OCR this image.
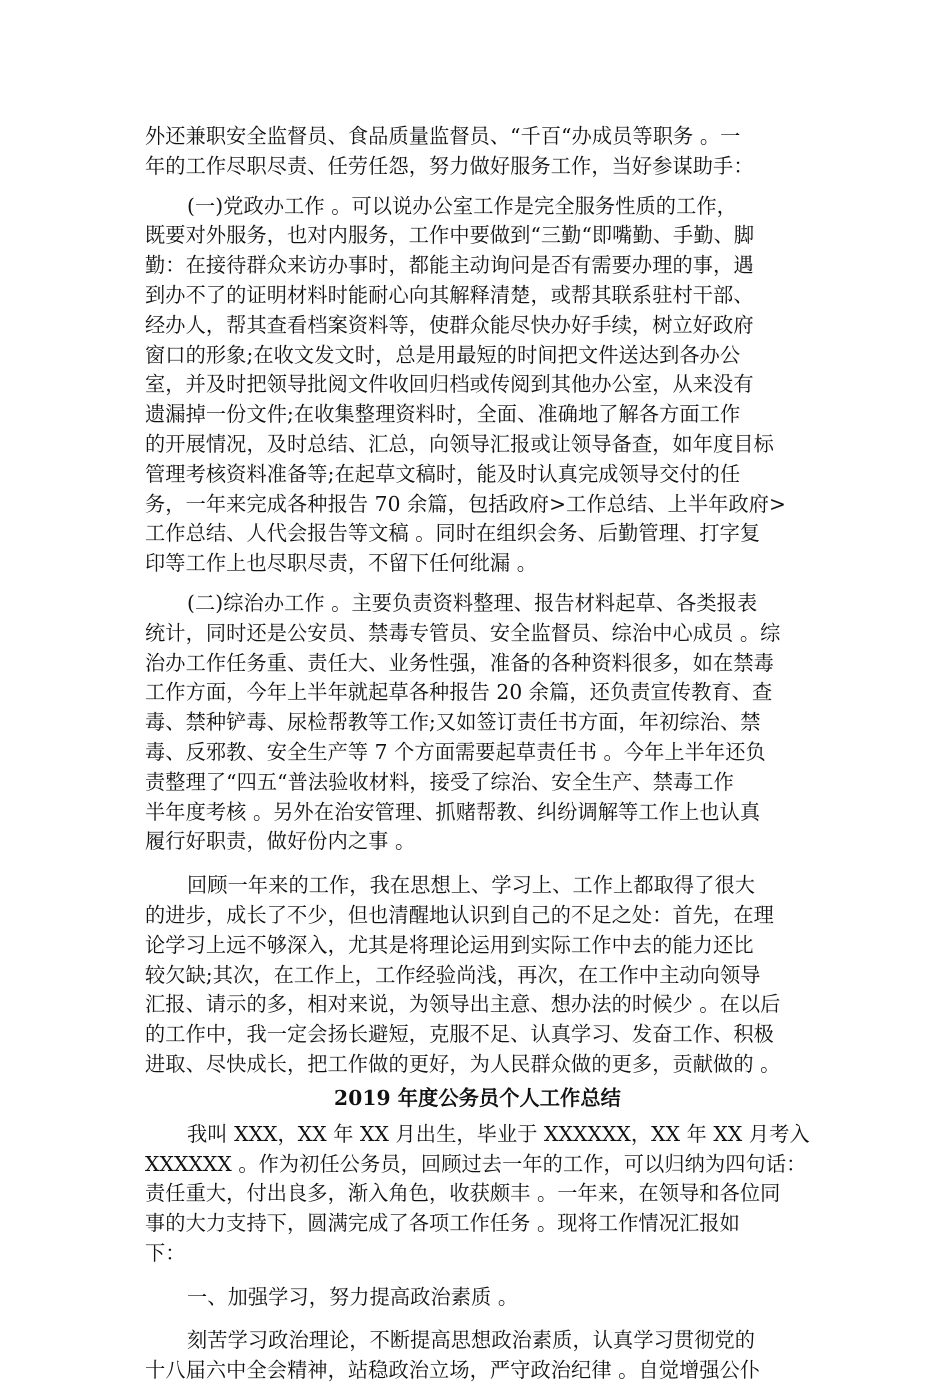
外还兼职安全监督员、食品质量监督员、“千百“办成员等职务 。一
年的工作尽职尽责、任劳任怨，努力做好服务工作，当好参谋助手：
(一)党政办工作 。可以说办公室工作是完全服务性质的工作，
既要对外服务，也对内服务，工作中要做到“三勤“即嘴勤、手勤、脚
勤：在接待群众来访办事时，都能主动询问是否有需要办理的事，遇
到办不了的证明材料时能耐心向其解释清楚，或帮其联系驻村干部、
经办人，帮其查看档案资料等，使群众能尽快办好手续，树立好政府
窗口的形象;在收文发文时，总是用最短的时间把文件送达到各办公
室，并及时把领导批阅文件收回归档或传阅到其他办公室，从来没有
遗漏掉一份文件;在收集整理资料时，全面、准确地了解各方面工作
的开展情况，及时总结、汇总，向领导汇报或让领导备查，如年度目标
管理考核资料准备等;在起草文稿时，能及时认真完成领导交付的任
务，一年来完成各种报告 70 余篇，包括政府>工作总结、上半年政府>
工作总结、人代会报告等文稿 。同时在组织会务、后勤管理、打字复
印等工作上也尽职尽责，不留下任何纰漏 。
(二)综治办工作 。主要负责资料整理、报告材料起草、各类报表
统计，同时还是公安员、禁毒专管员、安全监督员、综治中心成员 。综
治办工作任务重、责任大、业务性强，准备的各种资料很多，如在禁毒
工作方面，今年上半年就起草各种报告 20 余篇，还负责宣传教育、查
毒、禁种铲毒、尿检帮教等工作;又如签订责任书方面，年初综治、禁
毒、反邪教、安全生产等 7 个方面需要起草责任书 。今年上半年还负
责整理了“四五“普法验收材料，接受了综治、安全生产、禁毒工作
半年度考核 。另外在治安管理、抓赌帮教、纠纷调解等工作上也认真
履行好职责，做好份内之事 。
回顾一年来的工作，我在思想上、学习上、工作上都取得了很大
的进步，成长了不少，但也清醒地认识到自己的不足之处：首先，在理
论学习上远不够深入，尤其是将理论运用到实际工作中去的能力还比
较欠缺;其次，在工作上，工作经验尚浅，再次，在工作中主动向领导
汇报、请示的多，相对来说，为领导出主意、想办法的时候少 。在以后
的工作中，我一定会扬长避短，克服不足、认真学习、发奋工作、积极
进取、尽快成长，把工作做的更好，为人民群众做的更多，贡献做的 。
2019 年度公务员个人工作总结
我叫 XXX，XX 年 XX 月出生，毕业于 XXXXXX，XX 年 XX 月考入
XXXXXX 。作为初任公务员，回顾过去一年的工作，可以归纳为四句话：
责任重大，付出良多，渐入角色，收获颇丰 。一年来，在领导和各位同
事的大力支持下，圆满完成了各项工作任务 。现将工作情况汇报如
下：
一、加强学习，努力提高政治素质 。
刻苦学习政治理论，不断提高思想政治素质，认真学习贯彻党的
十八届六中全会精神，站稳政治立场，严守政治纪律 。自觉增强公仆
